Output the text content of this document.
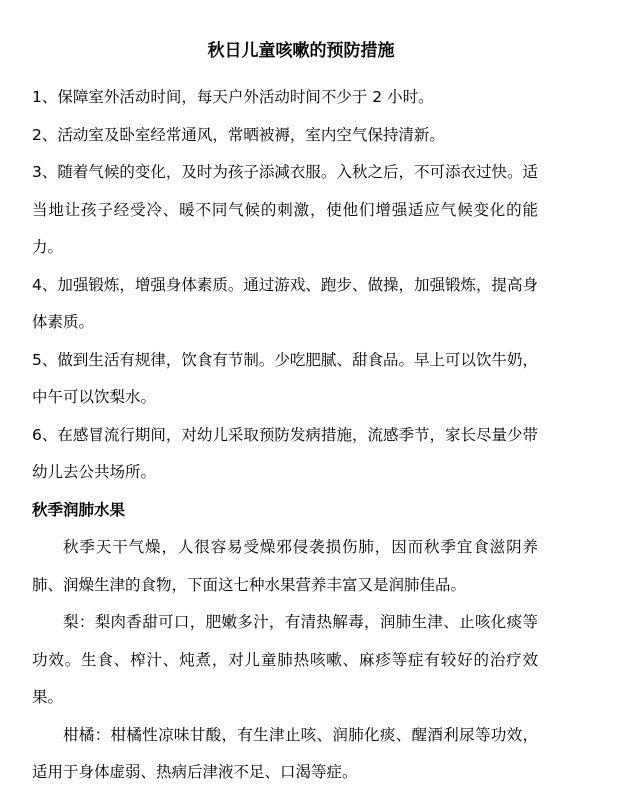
秋日儿童咳嗽的预防措施

1、保障室外活动时间，每天户外活动时间不少于 2 小时。

2、活动室及卧室经常通风，常晒被褥，室内空气保持清新。

3、随着气候的变化，及时为孩子添减衣服。入秋之后，不可添衣过快。适当地让孩子经受冷、暖不同气候的刺激，使他们增强适应气候变化的能力。

4、加强锻炼，增强身体素质。通过游戏、跑步、做操，加强锻炼，提高身体素质。

5、做到生活有规律，饮食有节制。少吃肥腻、甜食品。早上可以饮牛奶，中午可以饮梨水。

6、在感冒流行期间，对幼儿采取预防发病措施，流感季节，家长尽量少带幼儿去公共场所。

秋季润肺水果

秋季天干气燥，人很容易受燥邪侵袭损伤肺，因而秋季宜食滋阴养肺、润燥生津的食物，下面这七种水果营养丰富又是润肺佳品。

梨：梨肉香甜可口，肥嫩多汁，有清热解毒，润肺生津、止咳化痰等功效。生食、榨汁、炖煮，对儿童肺热咳嗽、麻疹等症有较好的治疗效果。

柑橘：柑橘性凉味甘酸，有生津止咳、润肺化痰、醒酒利尿等功效，适用于身体虚弱、热病后津液不足、口渴等症。
